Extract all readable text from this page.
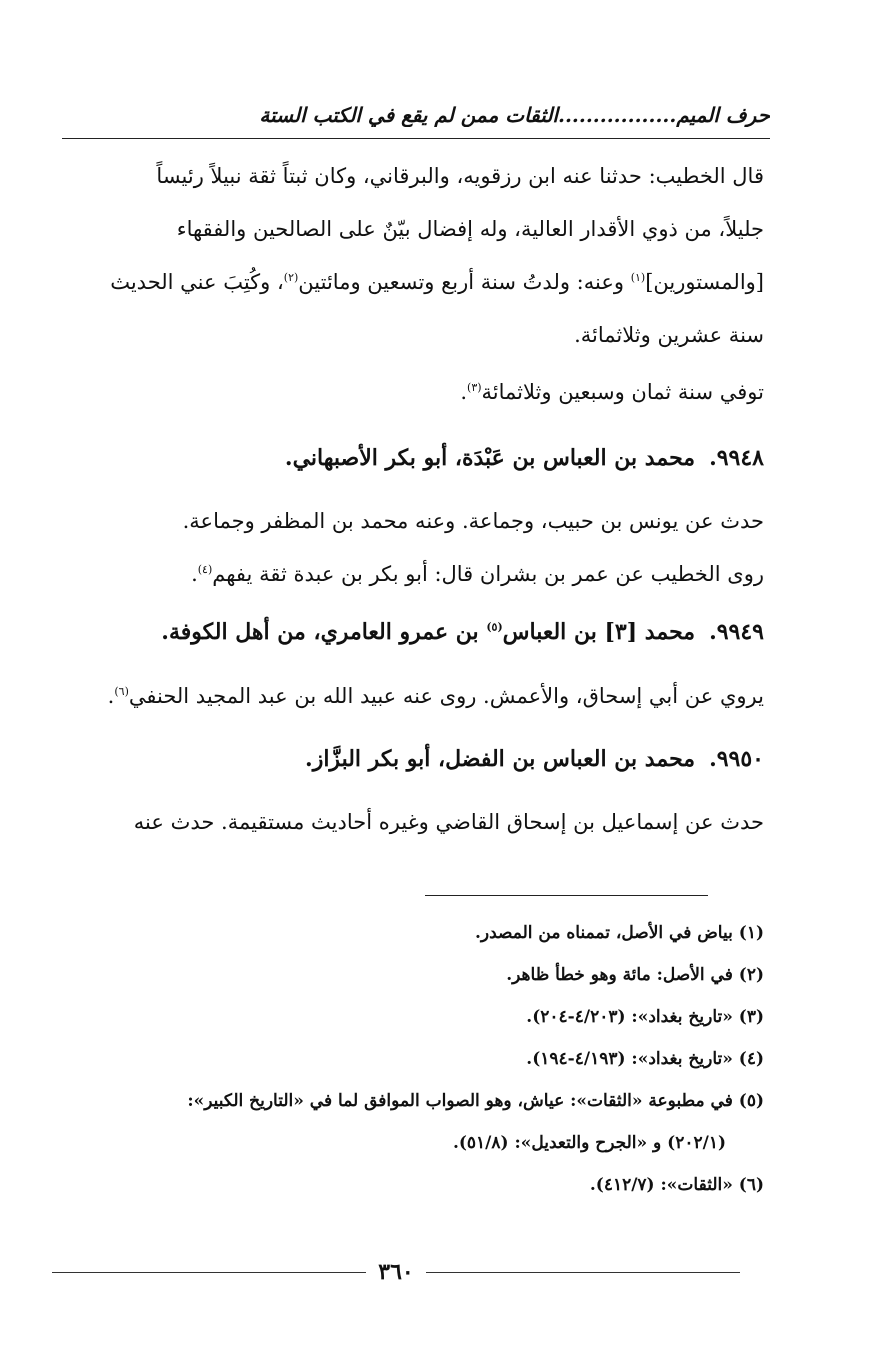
حرف الميم.................الثقات ممن لم يقع في الكتب الستة
قال الخطيب: حدثنا عنه ابن رزقويه، والبرقاني، وكان ثبتاً ثقة نبيلاً رئيساً
جليلاً، من ذوي الأقدار العالية، وله إفضال بيّنٌ على الصالحين والفقهاء
[والمستورين]$^{(١)}$ وعنه: ولدتُ سنة أربع وتسعين ومائتين$^{(٢)}$، وكُتِبَ عني الحديث
سنة عشرين وثلاثمائة.
توفي سنة ثمان وسبعين وثلاثمائة$^{(٣)}$.
٩٩٤٨.محمد بن العباس بن عَبْدَة، أبو بكر الأصبهاني.
حدث عن يونس بن حبيب، وجماعة. وعنه محمد بن المظفر وجماعة.
روى الخطيب عن عمر بن بشران قال: أبو بكر بن عبدة ثقة يفهم$^{(٤)}$.
٩٩٤٩.محمد [٣] بن العباس$^{(٥)}$ بن عمرو العامري، من أهل الكوفة.
يروي عن أبي إسحاق، والأعمش. روى عنه عبيد الله بن عبد المجيد الحنفي$^{(٦)}$.
٩٩٥٠.محمد بن العباس بن الفضل، أبو بكر البزَّاز.
حدث عن إسماعيل بن إسحاق القاضي وغيره أحاديث مستقيمة. حدث عنه
(١) بياض في الأصل، تممناه من المصدر.
(٢) في الأصل: مائة وهو خطأ ظاهر.
(٣) «تاريخ بغداد»: (٤/٢٠٣-٢٠٤).
(٤) «تاريخ بغداد»: (٤/١٩٣-١٩٤).
(٥) في مطبوعة «الثقات»: عياش، وهو الصواب الموافق لما في «التاريخ الكبير»:
(٢٠٢/١) و «الجرح والتعديل»: (٥١/٨).
(٦) «الثقات»: (٤١٢/٧).
٣٦٠
